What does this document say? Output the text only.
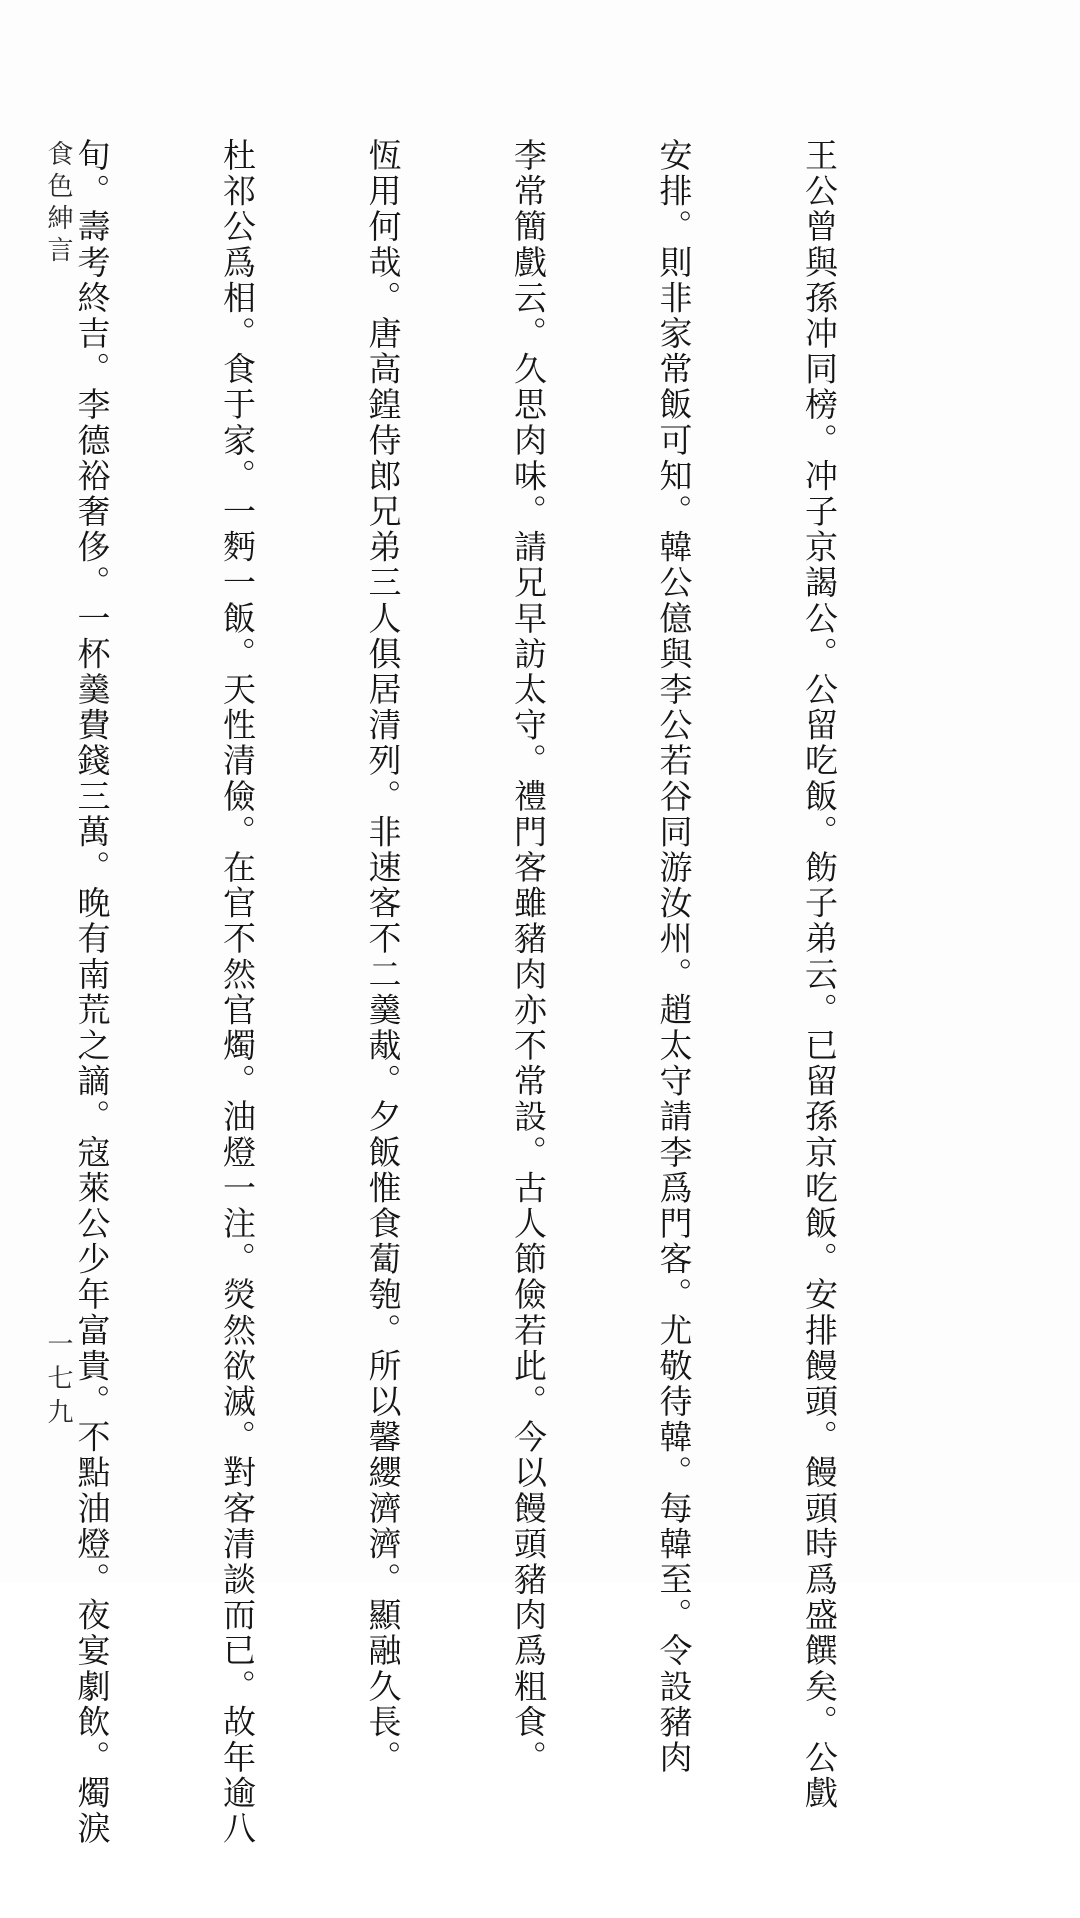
食色紳言
一七九

	王公曾與孫冲同榜。冲子京謁公。公留吃飯。飭子弟云。已留孫京吃飯。安排饅頭。饅頭時爲盛饌矣。公戲

安排。則非家常飯可知。韓公億與李公若谷同游汝州。趙太守請李爲門客。尤敬待韓。每韓至。令設豬肉

李常簡戲云。久思肉味。請兄早訪太守。禮門客雖豬肉亦不常設。古人節儉若此。今以饅頭豬肉爲粗食。

恆用何哉。唐高鍠侍郎兄弟三人俱居清列。非速客不二羹胾。夕飯惟食蔔匏。所以馨纓濟濟。顯融久長。

杜祁公爲相。食于家。一麪一飯。天性清儉。在官不然官燭。油燈一注。熒然欲滅。對客清談而已。故年逾八

旬。壽考終吉。李德裕奢侈。一杯羹費錢三萬。晚有南荒之謫。寇萊公少年富貴。不點油燈。夜宴劇飲。燭淚
